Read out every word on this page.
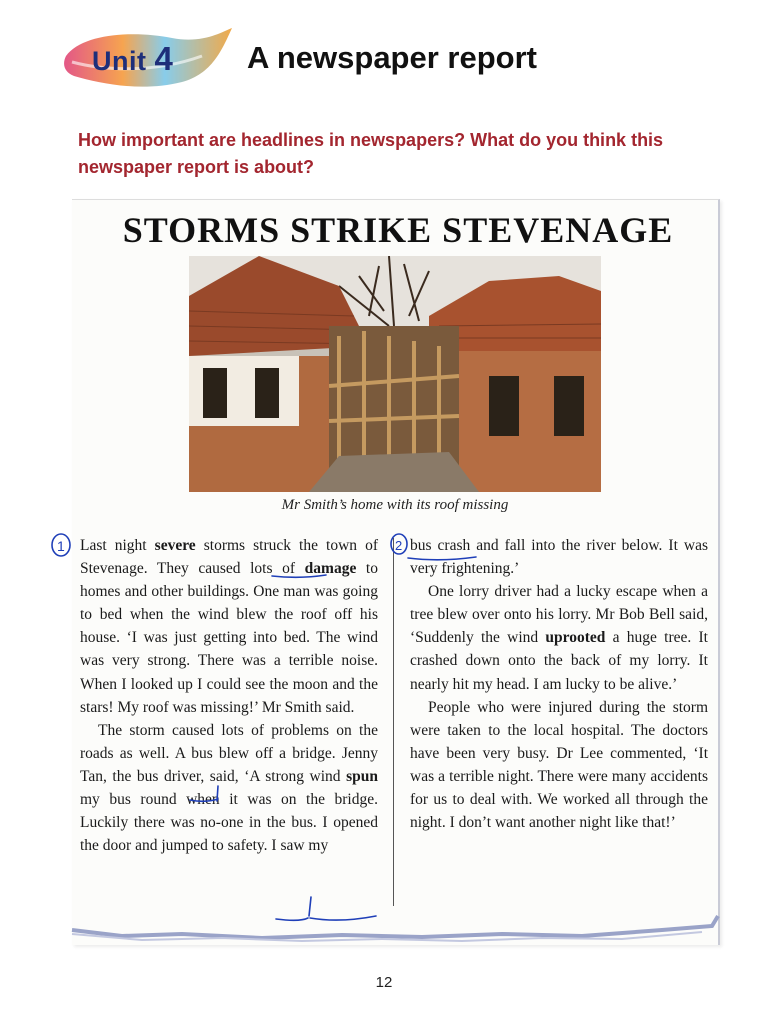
Unit 4 A newspaper report
How important are headlines in newspapers? What do you think this newspaper report is about?
STORMS STRIKE STEVENAGE
Mr Smith’s home with its roof missing

Last night severe storms struck the town of Stevenage. They caused lots of damage to homes and other buildings. One man was going to bed when the wind blew the roof off his house. ‘I was just getting into bed. The wind was very strong. There was a terrible noise. When I looked up I could see the moon and the stars! My roof was missing!’ Mr Smith said.

The storm caused lots of problems on the roads as well. A bus blew off a bridge. Jenny Tan, the bus driver, said, ‘A strong wind spun my bus round when it was on the bridge. Luckily there was no-one in the bus. I opened the door and jumped to safety. I saw my

bus crash and fall into the river below. It was very frightening.’

One lorry driver had a lucky escape when a tree blew over onto his lorry. Mr Bob Bell said, ‘Suddenly the wind uprooted a huge tree. It crashed down onto the back of my lorry. It nearly hit my head. I am lucky to be alive.’

People who were injured during the storm were taken to the local hospital. The doctors have been very busy. Dr Lee commented, ‘It was a terrible night. There were many accidents for us to deal with. We worked all through the night. I don’t want another night like that!’

1	2
12
